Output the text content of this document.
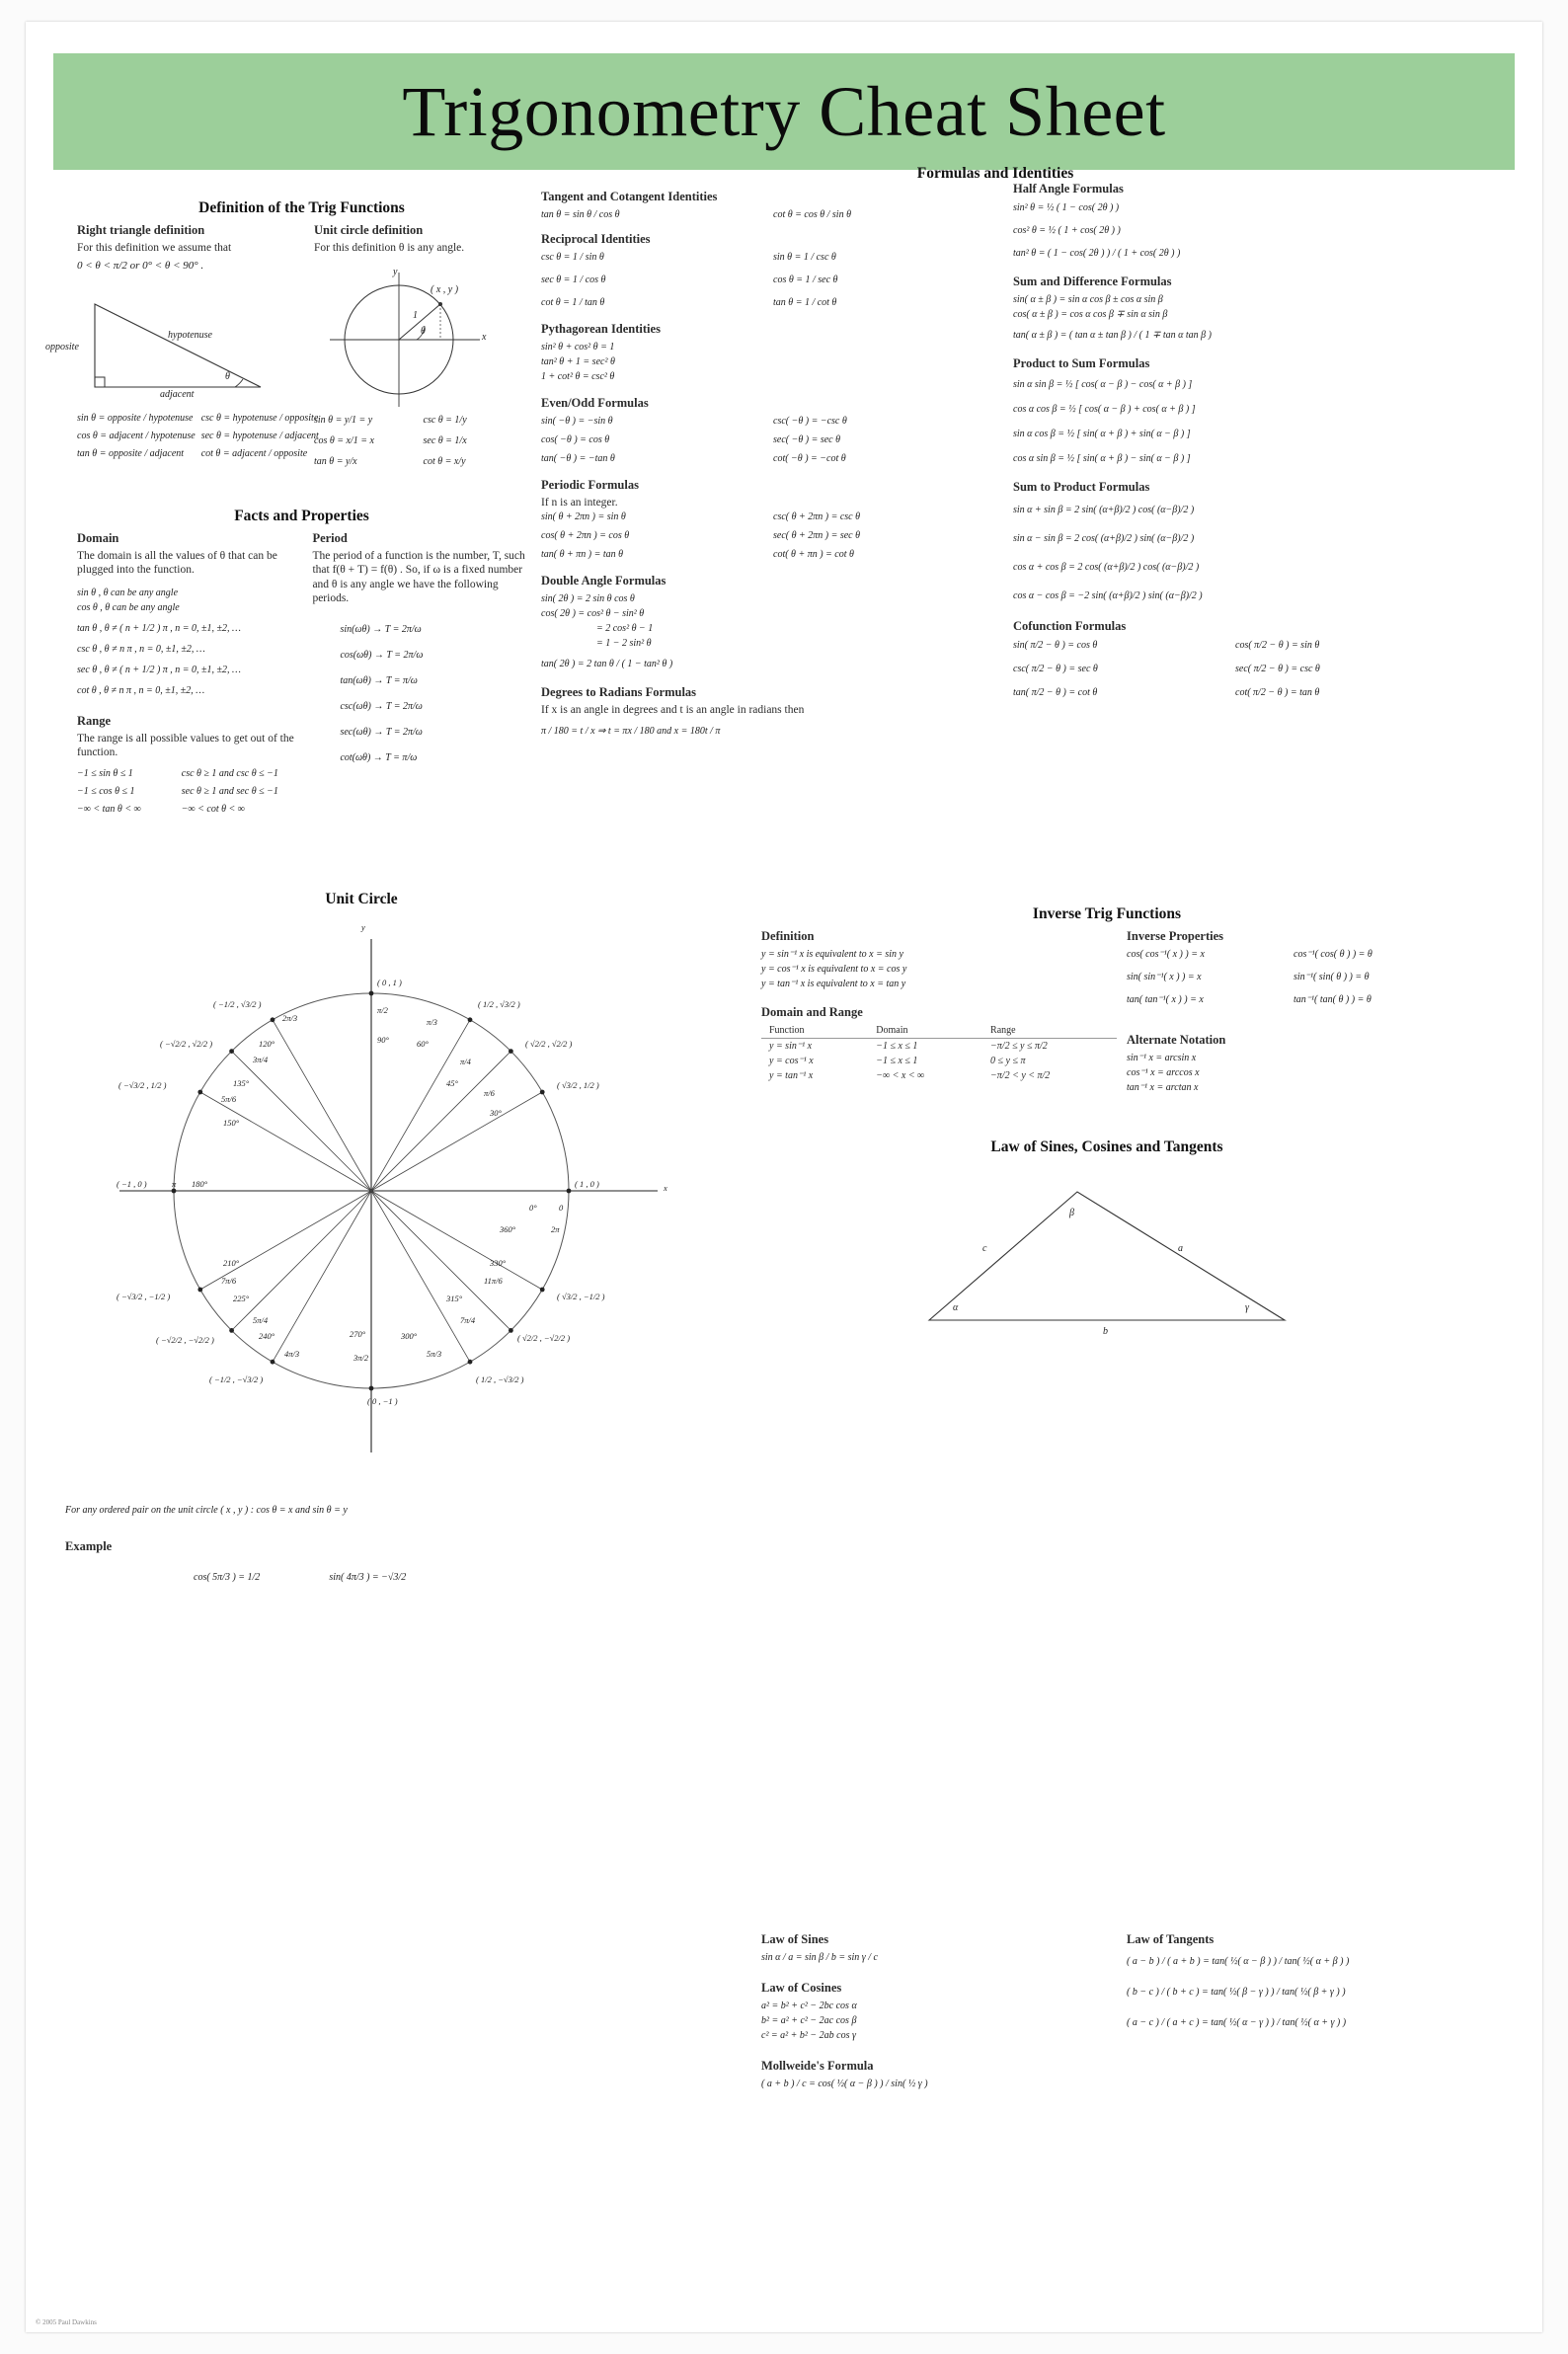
Trigonometry Cheat Sheet
Definition of the Trig Functions
Right triangle definition
For this definition we assume that
0 < θ < π/2 or 0° < θ < 90° .
hypotenuse
opposite
adjacent
θ
sin θ = opposite / hypotenuse csc θ = hypotenuse / opposite
cos θ = adjacent / hypotenuse sec θ = hypotenuse / adjacent
tan θ = opposite / adjacent	cot θ = adjacent / opposite
Unit circle definition
For this definition θ is any angle.
( x , y )
1
θ
x
y
sin θ = y/1 = y	csc θ = 1/y
cos θ = x/1 = x	sec θ = 1/x
tan θ = y/x	cot θ = x/y
Facts and Properties
Domain
The domain is all the values of θ that can be plugged into the function.
sin θ , θ can be any angle
cos θ , θ can be any angle
tan θ , θ ≠ ( n + 1/2 ) π , n = 0, ±1, ±2, …
csc θ , θ ≠ n π , n = 0, ±1, ±2, …
sec θ , θ ≠ ( n + 1/2 ) π , n = 0, ±1, ±2, …
cot θ , θ ≠ n π , n = 0, ±1, ±2, …
Range
The range is all possible values to get out of the function.
−1 ≤ sin θ ≤ 1	csc θ ≥ 1 and csc θ ≤ −1
−1 ≤ cos θ ≤ 1	sec θ ≥ 1 and sec θ ≤ −1
−∞ < tan θ < ∞	−∞ < cot θ < ∞
Period
The period of a function is the number, T, such that f(θ + T) = f(θ) . So, if ω is a fixed number and θ is any angle we have the following periods.
sin(ωθ) → T = 2π/ω
cos(ωθ) → T = 2π/ω
tan(ωθ) → T = π/ω
csc(ωθ) → T = 2π/ω
sec(ωθ) → T = 2π/ω
cot(ωθ) → T = π/ω
Formulas and Identities
Tangent and Cotangent Identities
tan θ = sin θ / cos θ	cot θ = cos θ / sin θ
Reciprocal Identities
csc θ = 1 / sin θ	sin θ = 1 / csc θ
sec θ = 1 / cos θ	cos θ = 1 / sec θ
cot θ = 1 / tan θ	tan θ = 1 / cot θ
Pythagorean Identities
sin² θ + cos² θ = 1
tan² θ + 1 = sec² θ
1 + cot² θ = csc² θ
Even/Odd Formulas
sin( −θ ) = −sin θ	csc( −θ ) = −csc θ
cos( −θ ) = cos θ	sec( −θ ) = sec θ
tan( −θ ) = −tan θ	cot( −θ ) = −cot θ
Periodic Formulas
If n is an integer.
sin( θ + 2πn ) = sin θ	csc( θ + 2πn ) = csc θ
cos( θ + 2πn ) = cos θ	sec( θ + 2πn ) = sec θ
tan( θ + πn ) = tan θ	cot( θ + πn ) = cot θ
Double Angle Formulas
sin( 2θ ) = 2 sin θ cos θ
cos( 2θ ) = cos² θ − sin² θ
= 2 cos² θ − 1
= 1 − 2 sin² θ
tan( 2θ ) = 2 tan θ / ( 1 − tan² θ )
Degrees to Radians Formulas
If x is an angle in degrees and t is an angle in radians then
π / 180 = t / x ⇒ t = πx / 180 and x = 180t / π
Half Angle Formulas
sin² θ = ½ ( 1 − cos( 2θ ) )
cos² θ = ½ ( 1 + cos( 2θ ) )
tan² θ = ( 1 − cos( 2θ ) ) / ( 1 + cos( 2θ ) )
Sum and Difference Formulas
sin( α ± β ) = sin α cos β ± cos α sin β
cos( α ± β ) = cos α cos β ∓ sin α sin β
tan( α ± β ) = ( tan α ± tan β ) / ( 1 ∓ tan α tan β )
Product to Sum Formulas
sin α sin β = ½ [ cos( α − β ) − cos( α + β ) ]
cos α cos β = ½ [ cos( α − β ) + cos( α + β ) ]
sin α cos β = ½ [ sin( α + β ) + sin( α − β ) ]
cos α sin β = ½ [ sin( α + β ) − sin( α − β ) ]
Sum to Product Formulas
sin α + sin β = 2 sin( (α+β)/2 ) cos( (α−β)/2 )
sin α − sin β = 2 cos( (α+β)/2 ) sin( (α−β)/2 )
cos α + cos β = 2 cos( (α+β)/2 ) cos( (α−β)/2 )
cos α − cos β = −2 sin( (α+β)/2 ) sin( (α−β)/2 )
Cofunction Formulas
sin( π/2 − θ ) = cos θ	cos( π/2 − θ ) = sin θ
csc( π/2 − θ ) = sec θ	sec( π/2 − θ ) = csc θ
tan( π/2 − θ ) = cot θ	cot( π/2 − θ ) = tan θ
Unit Circle
y
x
( 1 , 0 )
0°	0
360°	2π
( √3/2 , 1/2 )
30°
π/6
( √2/2 , √2/2 )
45°
π/4
( 1/2 , √3/2 )
60°
π/3
( 0 , 1 )
90°
π/2
( −1/2 , √3/2 )
120°
2π/3
( −√2/2 , √2/2 )
135°
3π/4
( −√3/2 , 1/2 )
150°
5π/6
( −1 , 0 )	180°
π
( −√3/2 , −1/2 )
210°
7π/6
( −√2/2 , −√2/2 )
225°
5π/4
( −1/2 , −√3/2 )
240°
4π/3
( 0 , −1 )
270°
3π/2
( 1/2 , −√3/2 )
300°
5π/3
( √2/2 , −√2/2 )
315°
7π/4
( √3/2 , −1/2 )
330°
11π/6
For any ordered pair on the unit circle ( x , y ) : cos θ = x and sin θ = y
Example
cos( 5π/3 ) = 1/2	sin( 4π/3 ) = −√3/2
Inverse Trig Functions
Definition
y = sin⁻¹ x is equivalent to x = sin y
y = cos⁻¹ x is equivalent to x = cos y
y = tan⁻¹ x is equivalent to x = tan y
Domain and Range
Function	Domain	Range
y = sin⁻¹ x	−1 ≤ x ≤ 1	−π/2 ≤ y ≤ π/2
y = cos⁻¹ x	−1 ≤ x ≤ 1	0 ≤ y ≤ π
y = tan⁻¹ x	−∞ < x < ∞	−π/2 < y < π/2
Inverse Properties
cos( cos⁻¹( x ) ) = x	cos⁻¹( cos( θ ) ) = θ
sin( sin⁻¹( x ) ) = x	sin⁻¹( sin( θ ) ) = θ
tan( tan⁻¹( x ) ) = x	tan⁻¹( tan( θ ) ) = θ
Alternate Notation
sin⁻¹ x = arcsin x
cos⁻¹ x = arccos x
tan⁻¹ x = arctan x
Law of Sines, Cosines and Tangents
c	a
b
β
α	γ
Law of Sines
sin α / a = sin β / b = sin γ / c
Law of Cosines
a² = b² + c² − 2bc cos α
b² = a² + c² − 2ac cos β
c² = a² + b² − 2ab cos γ
Mollweide's Formula
( a + b ) / c = cos( ½( α − β ) ) / sin( ½ γ )
Law of Tangents
( a − b ) / ( a + b ) = tan( ½( α − β ) ) / tan( ½( α + β ) )
( b − c ) / ( b + c ) = tan( ½( β − γ ) ) / tan( ½( β + γ ) )
( a − c ) / ( a + c ) = tan( ½( α − γ ) ) / tan( ½( α + γ ) )
© 2005 Paul Dawkins
